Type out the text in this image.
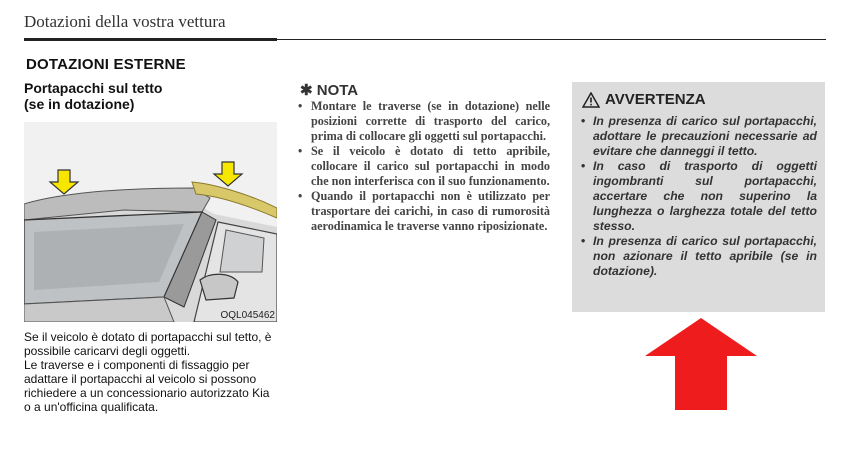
Dotazioni della vostra vettura
DOTAZIONI ESTERNE
Portapacchi sul tetto
(se in dotazione)
OQL045462

Se il veicolo è dotato di portapacchi sul tetto, è possibile caricarvi degli oggetti.

Le traverse e i componenti di fissaggio per adattare il portapacchi al veicolo si possono richiedere a un concessionario autorizzato Kia o a un'officina qualificata.

✱ NOTA
• Montare le traverse (se in dotazione) nelle posizioni corrette di trasporto del carico, prima di collocare gli oggetti sul portapacchi.
• Se il veicolo è dotato di tetto apribile, collocare il carico sul portapacchi in modo che non interferisca con il suo funzionamento.
• Quando il portapacchi non è utilizzato per trasportare dei carichi, in caso di rumorosità aerodinamica le traverse vanno riposizionate.
AVVERTENZA
• In presenza di carico sul portapacchi, adottare le precauzioni necessarie ad evitare che danneggi il tetto.
• In caso di trasporto di oggetti ingombranti sul portapacchi, accertare che non superino la lunghezza o larghezza totale del tetto stesso.
• In presenza di carico sul portapacchi, non azionare il tetto apribile (se in dotazione).
